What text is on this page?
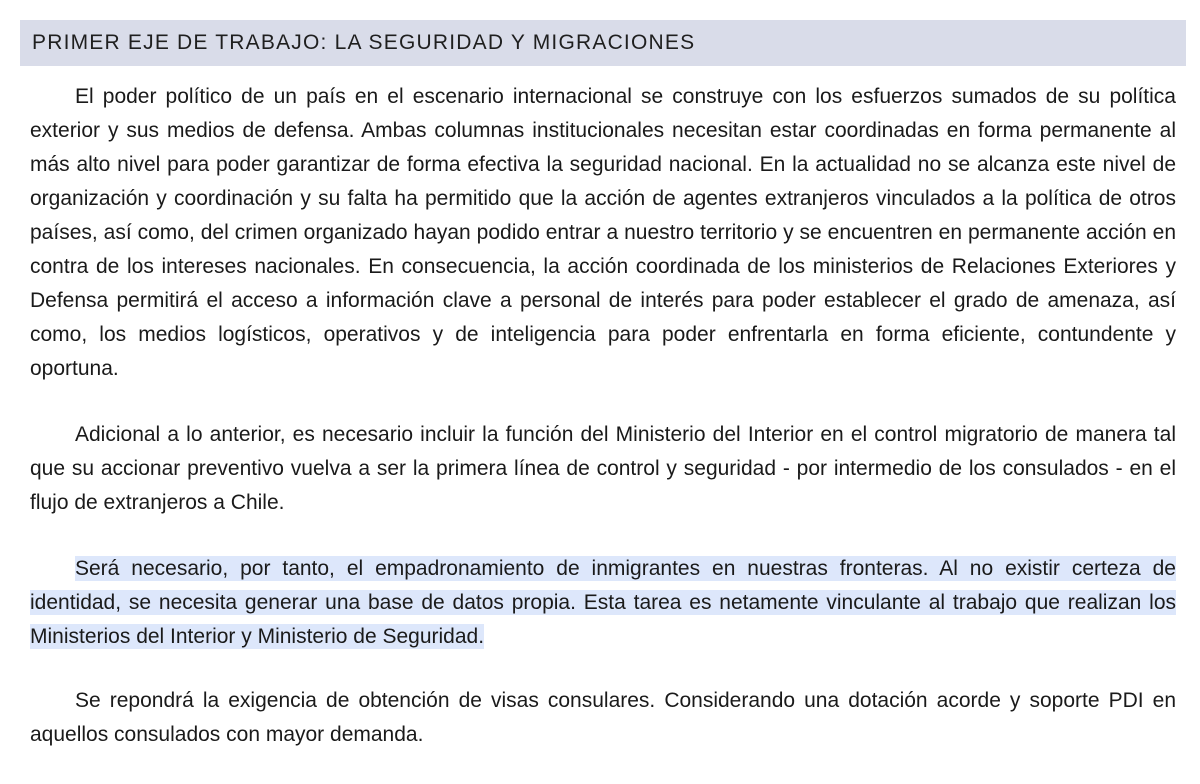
PRIMER EJE DE TRABAJO: LA SEGURIDAD Y MIGRACIONES

El poder político de un país en el escenario internacional se construye con los esfuerzos sumados de su política exterior y sus medios de defensa. Ambas columnas institucionales necesitan estar coordinadas en forma permanente al más alto nivel para poder garantizar de forma efectiva la seguridad nacional. En la actualidad no se alcanza este nivel de organización y coordinación y su falta ha permitido que la acción de agentes extranjeros vinculados a la política de otros países, así como, del crimen organizado hayan podido entrar a nuestro territorio y se encuentren en permanente acción en contra de los intereses nacionales. En consecuencia, la acción coordinada de los ministerios de Relaciones Exteriores y Defensa permitirá el acceso a información clave a personal de interés para poder establecer el grado de amenaza, así como, los medios logísticos, operativos y de inteligencia para poder enfrentarla en forma eficiente, contundente y oportuna.

Adicional a lo anterior, es necesario incluir la función del Ministerio del Interior en el control migratorio de manera tal que su accionar preventivo vuelva a ser la primera línea de control y seguridad - por intermedio de los consulados - en el flujo de extranjeros a Chile.

Será necesario, por tanto, el empadronamiento de inmigrantes en nuestras fronteras. Al no existir certeza de identidad, se necesita generar una base de datos propia. Esta tarea es netamente vinculante al trabajo que realizan los Ministerios del Interior y Ministerio de Seguridad.

Se repondrá la exigencia de obtención de visas consulares. Considerando una dotación acorde y soporte PDI en aquellos consulados con mayor demanda.
